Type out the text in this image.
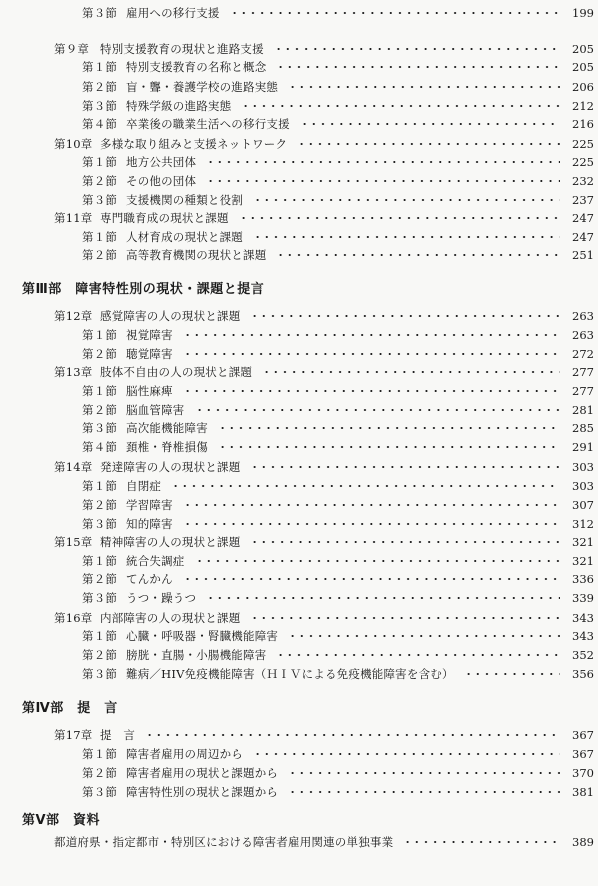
第３節 雇用への移行支援	199
第９章 特別支援教育の現状と進路支援	205
第１節 特別支援教育の名称と概念	205
第２節 盲・聾・養護学校の進路実態	206
第３節 特殊学級の進路実態	212
第４節 卒業後の職業生活への移行支援	216
第10章 多様な取り組みと支援ネットワーク	225
第１節 地方公共団体	225
第２節 その他の団体	232
第３節 支援機関の種類と役割	237
第11章 専門職育成の現状と課題	247
第１節 人材育成の現状と課題	247
第２節 高等教育機関の現状と課題	251
第Ⅲ部　障害特性別の現状・課題と提言
第12章 感覚障害の人の現状と課題	263
第１節 視覚障害	263
第２節 聴覚障害	272
第13章 肢体不自由の人の現状と課題	277
第１節 脳性麻痺	277
第２節 脳血管障害	281
第３節 高次能機能障害	285
第４節 頚椎・脊椎損傷	291
第14章 発達障害の人の現状と課題	303
第１節 自閉症	303
第２節 学習障害	307
第３節 知的障害	312
第15章 精神障害の人の現状と課題	321
第１節 統合失調症	321
第２節 てんかん	336
第３節 うつ・躁うつ	339
第16章 内部障害の人の現状と課題	343
第１節 心臓・呼吸器・腎臓機能障害	343
第２節 膀胱・直腸・小腸機能障害	352
第３節 難病／HIV免疫機能障害（ＨＩＶによる免疫機能障害を含む）	356
第Ⅳ部　提　言
第17章 提　言	367
第１節 障害者雇用の周辺から	367
第２節 障害者雇用の現状と課題から	370
第３節 障害特性別の現状と課題から	381
第Ⅴ部　資料
都道府県・指定都市・特別区における障害者雇用関連の単独事業	389
